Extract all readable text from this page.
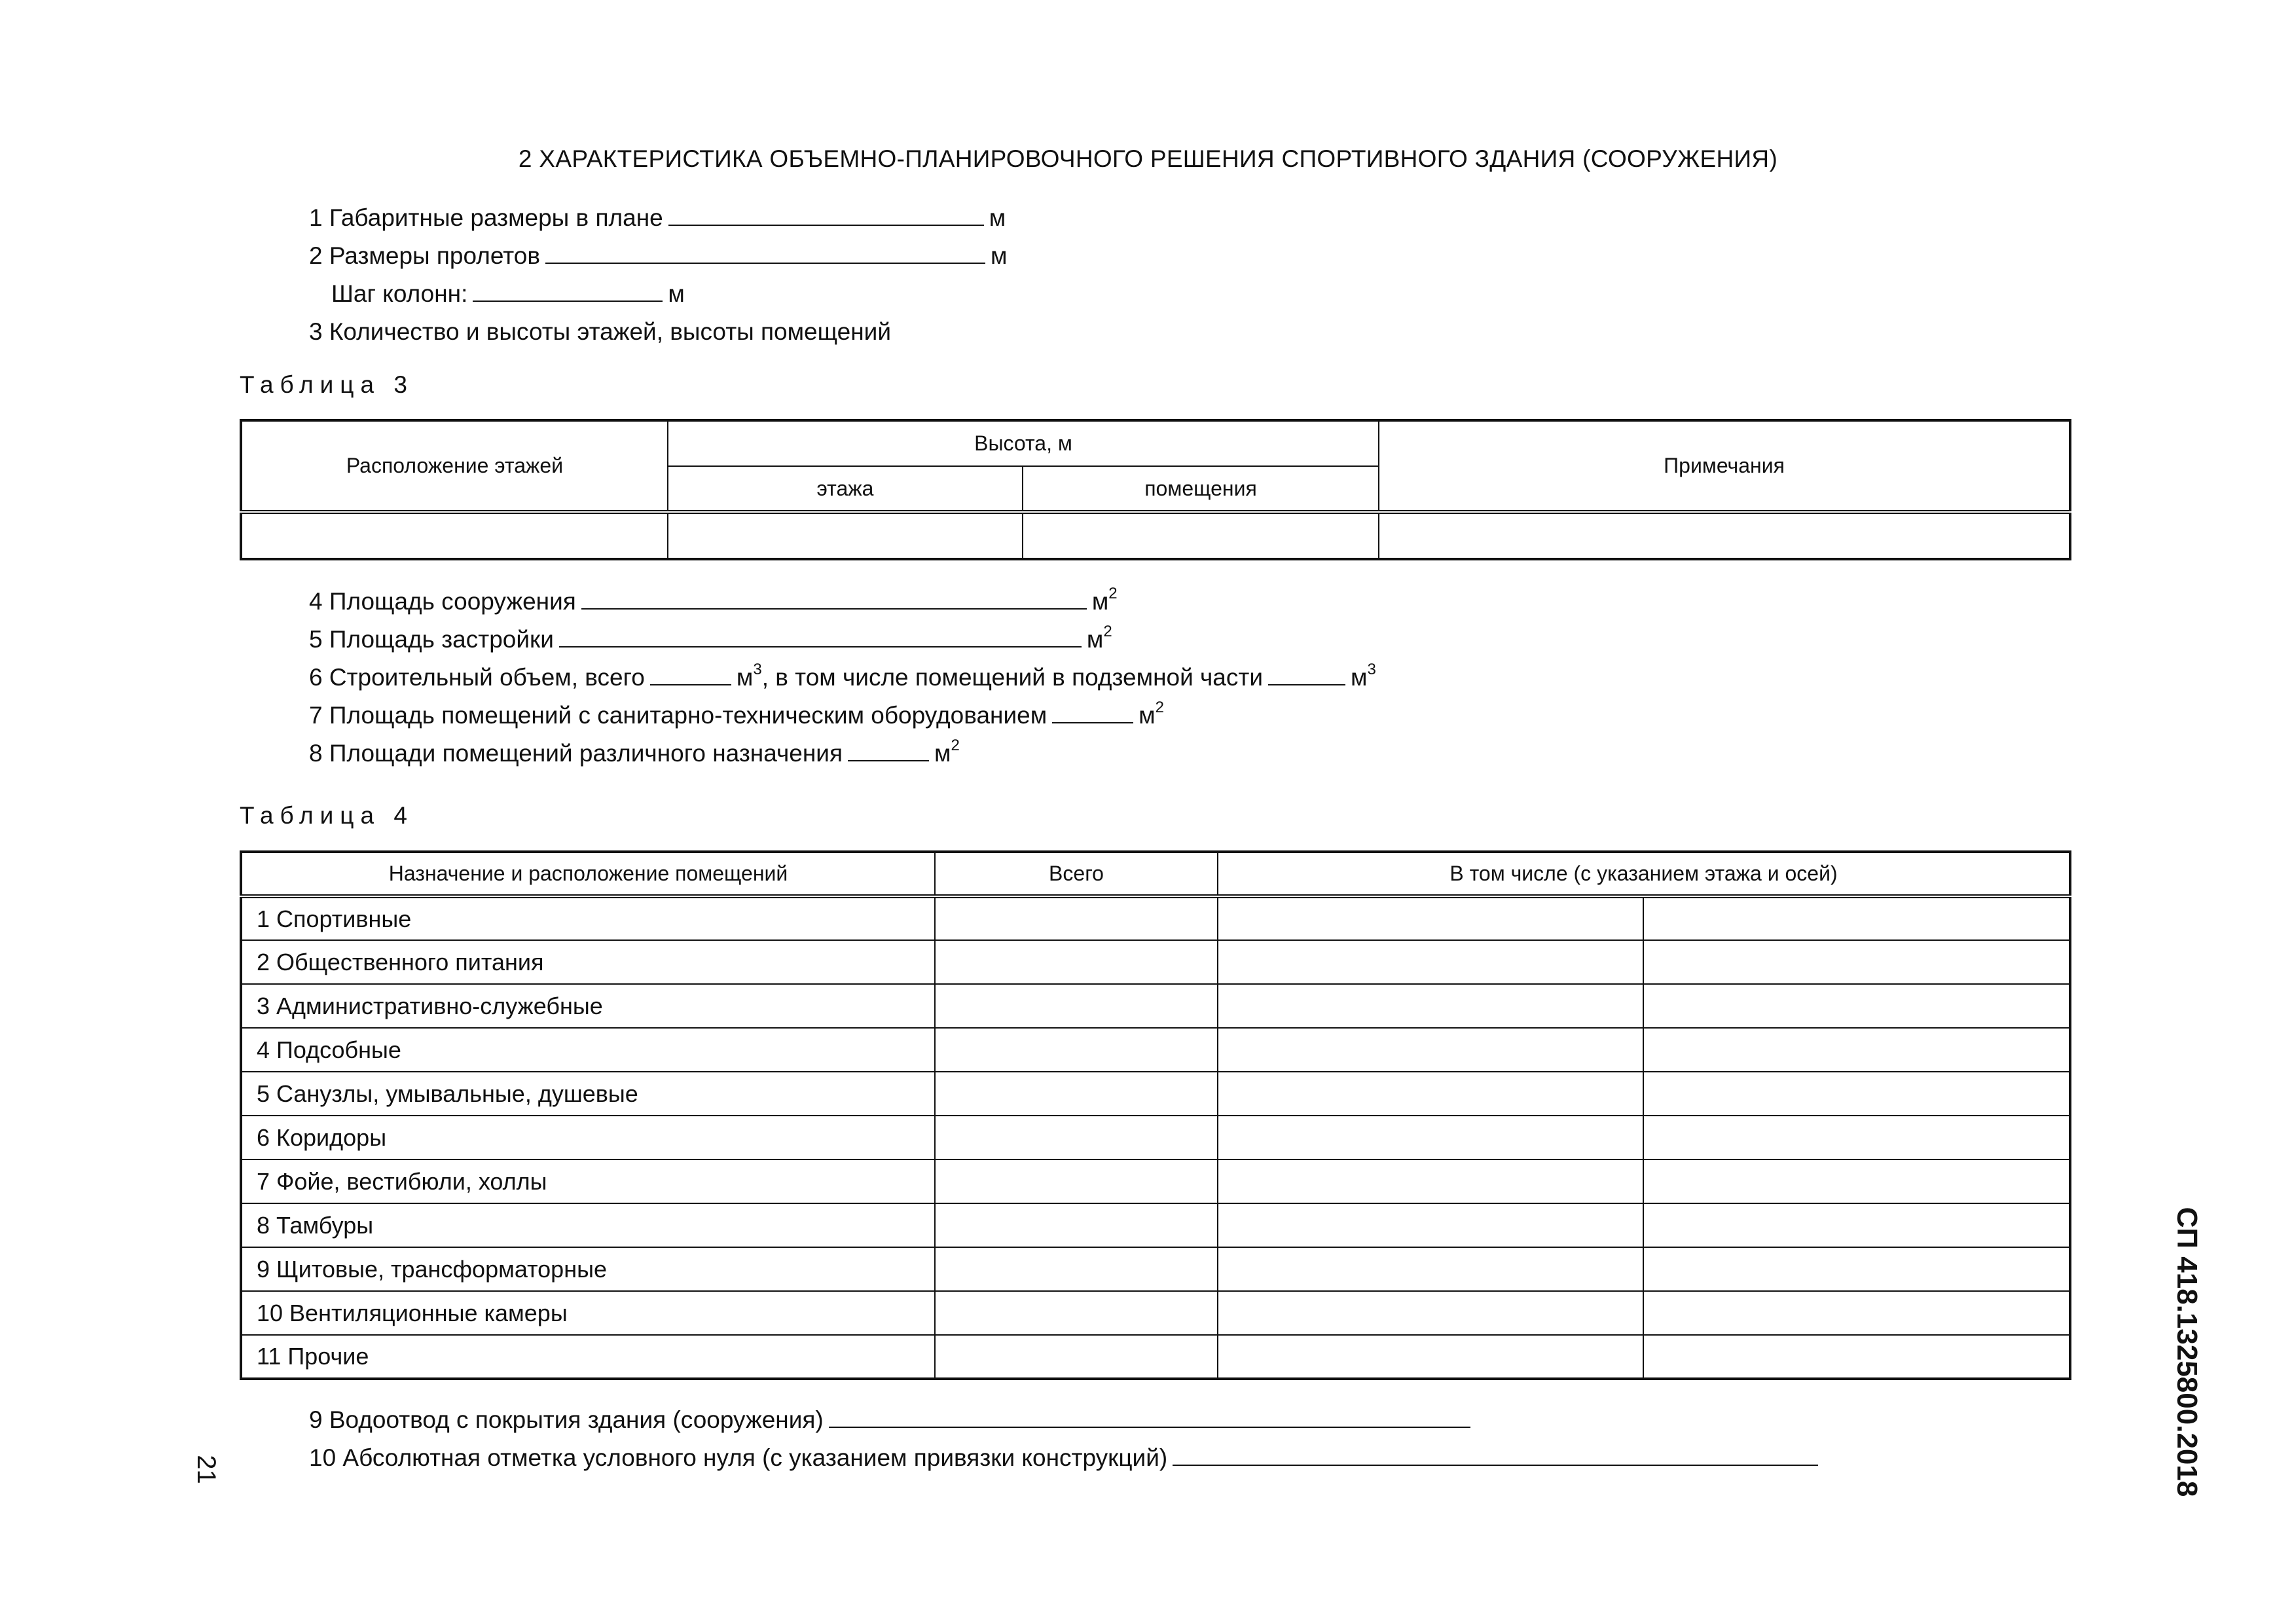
2 ХАРАКТЕРИСТИКА ОБЪЕМНО-ПЛАНИРОВОЧНОГО РЕШЕНИЯ СПОРТИВНОГО ЗДАНИЯ (СООРУЖЕНИЯ)
1 Габаритные размеры в плане	м
2 Размеры пролетов	м
Шаг колонн:	м
3 Количество и высоты этажей, высоты помещений
Таблица 3
Расположение этажей	Высота, м		Примечания
	этажа	помещения	

4 Площадь сооружения	$м^2$
5 Площадь застройки	$м^2$
6 Строительный объем, всего	$м^3$, в том числе помещений в подземной части	$м^3$
7 Площадь помещений с санитарно-техническим оборудованием	$м^2$
8 Площади помещений различного назначения	$м^2$
Таблица 4
Назначение и расположение помещений	Всего	В том числе (с указанием этажа и осей)	
1 Спортивные			
2 Общественного питания			
3 Административно-служебные			
4 Подсобные			
5 Санузлы, умывальные, душевые			
6 Коридоры			
7 Фойе, вестибюли, холлы			
8 Тамбуры			
9 Щитовые, трансформаторные			
10 Вентиляционные камеры			
11 Прочие			
9 Водоотвод с покрытия здания (сооружения)
10 Абсолютная отметка условного нуля (с указанием привязки конструкций)
21	СП 418.1325800.2018
